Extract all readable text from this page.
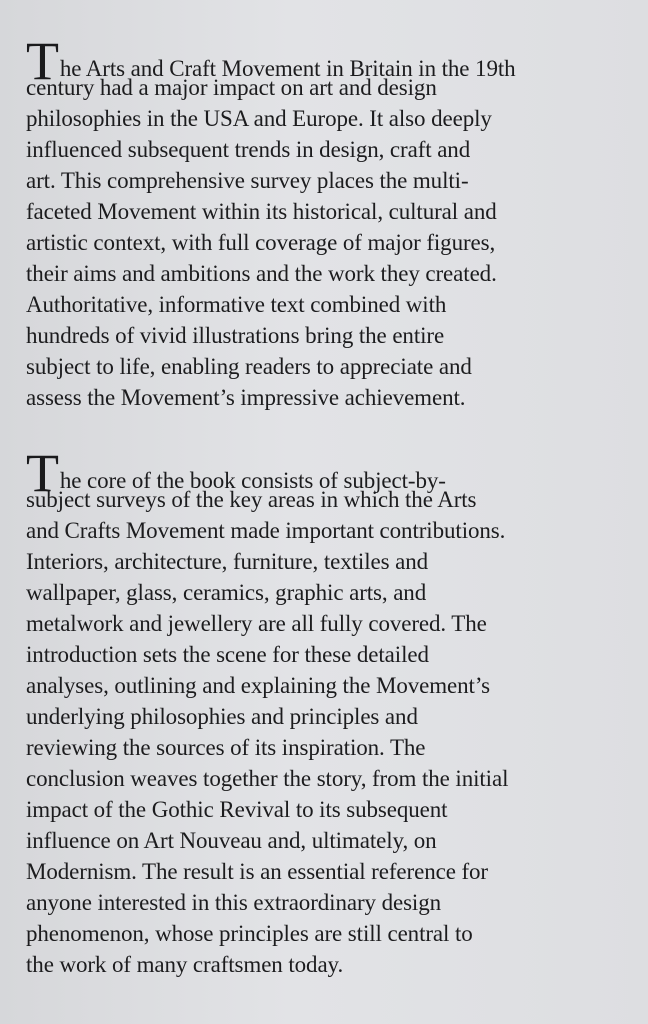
The Arts and Craft Movement in Britain in the 19th
century had a major impact on art and design
philosophies in the USA and Europe. It also deeply
influenced subsequent trends in design, craft and
art. This comprehensive survey places the multi-
faceted Movement within its historical, cultural and
artistic context, with full coverage of major figures,
their aims and ambitions and the work they created.
Authoritative, informative text combined with
hundreds of vivid illustrations bring the entire
subject to life, enabling readers to appreciate and
assess the Movement’s impressive achievement.
The core of the book consists of subject-by-
subject surveys of the key areas in which the Arts
and Crafts Movement made important contributions.
Interiors, architecture, furniture, textiles and
wallpaper, glass, ceramics, graphic arts, and
metalwork and jewellery are all fully covered. The
introduction sets the scene for these detailed
analyses, outlining and explaining the Movement’s
underlying philosophies and principles and
reviewing the sources of its inspiration. The
conclusion weaves together the story, from the initial
impact of the Gothic Revival to its subsequent
influence on Art Nouveau and, ultimately, on
Modernism. The result is an essential reference for
anyone interested in this extraordinary design
phenomenon, whose principles are still central to
the work of many craftsmen today.
